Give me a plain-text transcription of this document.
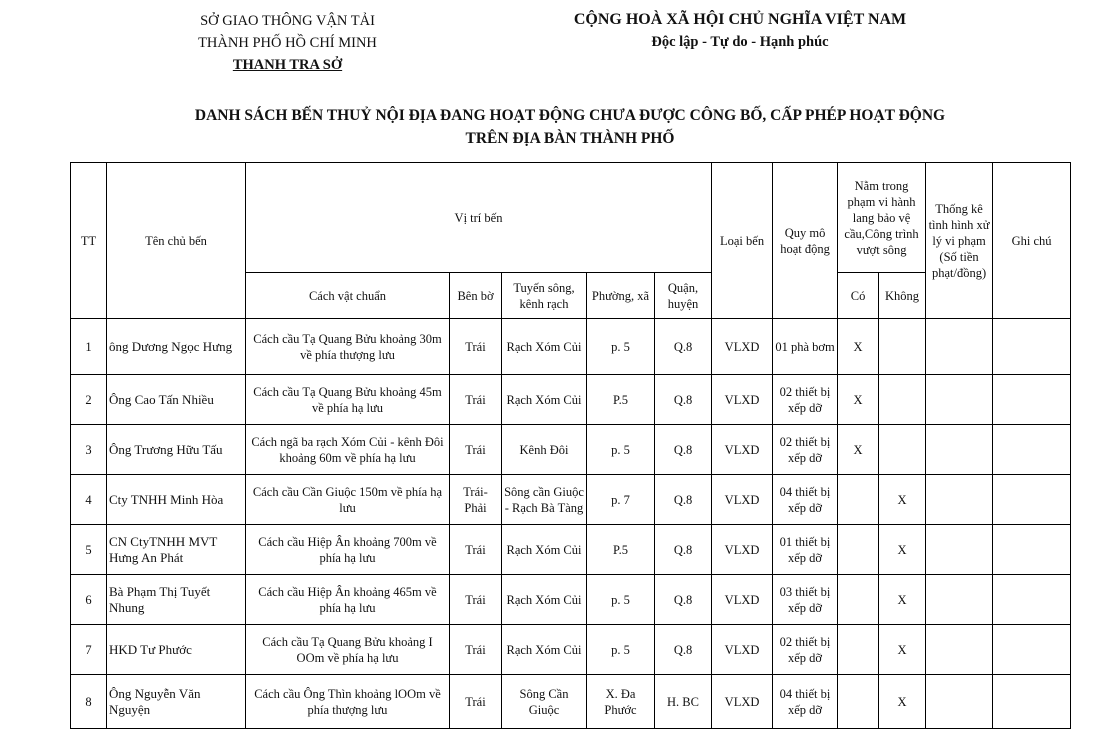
SỞ GIAO THÔNG VẬN TẢI
THÀNH PHỐ HỒ CHÍ MINH
THANH TRA SỞ
CỘNG HOÀ XÃ HỘI CHỦ NGHĨA VIỆT NAM
Độc lập - Tự do - Hạnh phúc
DANH SÁCH BẾN THUỶ NỘI ĐỊA ĐANG HOẠT ĐỘNG CHƯA ĐƯỢC CÔNG BỐ, CẤP PHÉP HOẠT ĐỘNG
TRÊN ĐỊA BÀN THÀNH PHỐ
TT	Tên chủ bến	Vị trí bến					Loại bến	Quy mô hoạt động	Nằm trong phạm vi hành lang bảo vệ cầu,Công trình vượt sông		Thống kê tình hình xử lý vi phạm (Số tiền phạt/đồng)	Ghi chú
		Cách vật chuẩn	Bên bờ	Tuyến sông, kênh rạch	Phường, xã	Quận, huyện			Có	Không		
1	ông Dương Ngọc Hưng	Cách cầu Tạ Quang Bửu khoảng 30m về phía thượng lưu	Trái	Rạch Xóm Củi	p. 5	Q.8	VLXD	01 phà bơm	X			
2	Ông Cao Tấn Nhiều	Cách cầu Tạ Quang Bửu khoảng 45m về phía hạ lưu	Trái	Rạch Xóm Củi	P.5	Q.8	VLXD	02 thiết bị xếp dỡ	X			
3	Ông Trương Hữu Tấu	Cách ngã ba rạch Xóm Củi - kênh Đôi khoảng 60m về phía hạ lưu	Trái	Kênh Đôi	p. 5	Q.8	VLXD	02 thiết bị xếp dỡ	X			
4	Cty TNHH Minh Hòa	Cách cầu Cần Giuộc 150m về phía hạ lưu	Trái- Phải	Sông cần Giuộc - Rạch Bà Tàng	p. 7	Q.8	VLXD	04 thiết bị xếp dỡ		X		
5	CN CtyTNHH MVT Hưng An Phát	Cách cầu Hiệp Ân khoảng 700m về phía hạ lưu	Trái	Rạch Xóm Củi	P.5	Q.8	VLXD	01 thiết bị xếp dỡ		X		
6	Bà Phạm Thị Tuyết Nhung	Cách cầu Hiệp Ân khoảng 465m về phía hạ lưu	Trái	Rạch Xóm Củi	p. 5	Q.8	VLXD	03 thiết bị xếp dỡ		X		
7	HKD Tư Phước	Cách cầu Tạ Quang Bửu khoảng I OOm về phía hạ lưu	Trái	Rạch Xóm Củi	p. 5	Q.8	VLXD	02 thiết bị xếp dỡ		X		
8	Ông Nguyễn Văn Nguyện	Cách cầu Ông Thìn khoảng lOOm về phía thượng lưu	Trái	Sông Cần Giuộc	X. Đa Phước	H. BC	VLXD	04 thiết bị xếp dỡ		X		
